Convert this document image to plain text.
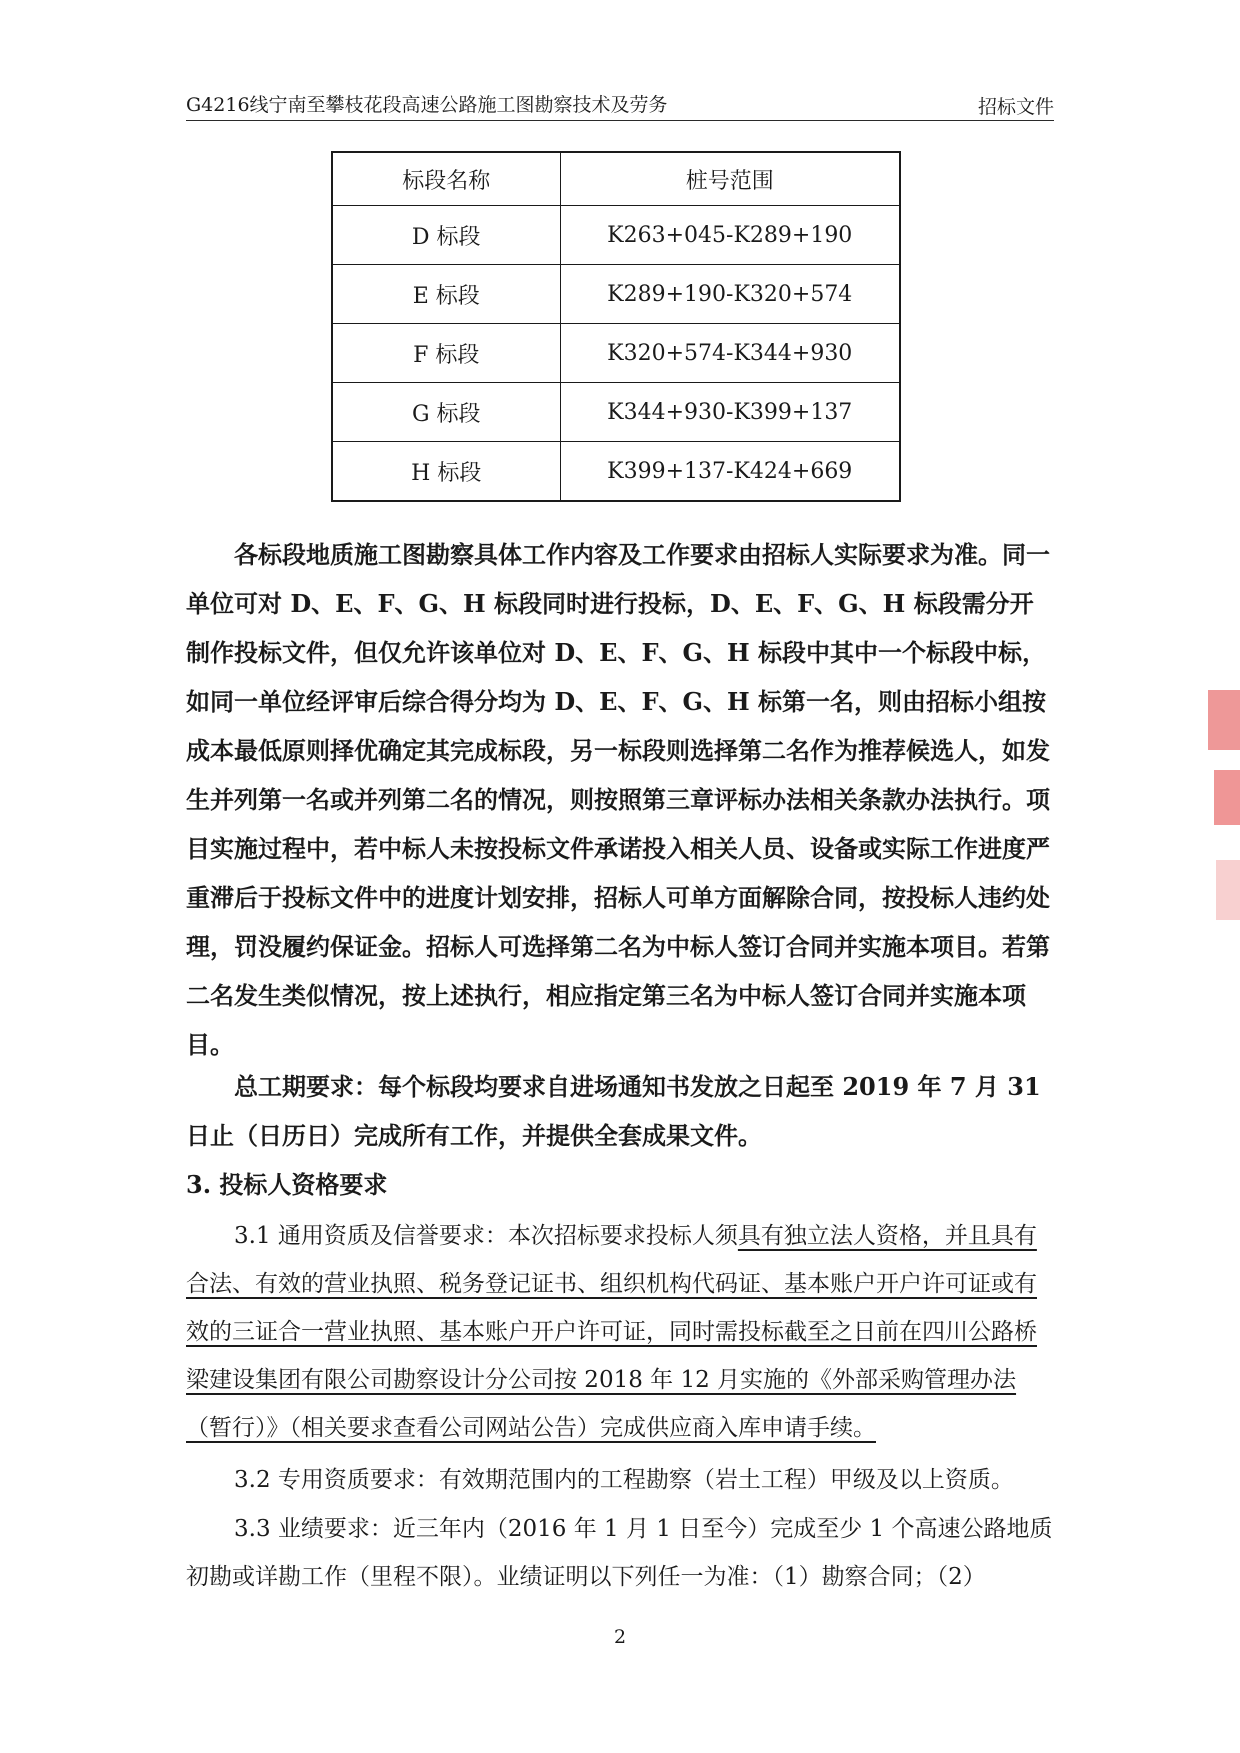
G4216线宁南至攀枝花段高速公路施工图勘察技术及劳务	招标文件
标段名称	桩号范围
D 标段	K263+045-K289+190
E 标段	K289+190-K320+574
F 标段	K320+574-K344+930
G 标段	K344+930-K399+137
H 标段	K399+137-K424+669

各标段地质施工图勘察具体工作内容及工作要求由招标人实际要求为准。同一单位可对 D、E、F、G、H 标段同时进行投标，D、E、F、G、H 标段需分开制作投标文件，但仅允许该单位对 D、E、F、G、H 标段中其中一个标段中标，如同一单位经评审后综合得分均为 D、E、F、G、H 标第一名，则由招标小组按成本最低原则择优确定其完成标段，另一标段则选择第二名作为推荐候选人，如发生并列第一名或并列第二名的情况，则按照第三章评标办法相关条款办法执行。项目实施过程中，若中标人未按投标文件承诺投入相关人员、设备或实际工作进度严重滞后于投标文件中的进度计划安排，招标人可单方面解除合同，按投标人违约处理，罚没履约保证金。招标人可选择第二名为中标人签订合同并实施本项目。若第二名发生类似情况，按上述执行，相应指定第三名为中标人签订合同并实施本项目。

总工期要求：每个标段均要求自进场通知书发放之日起至 2019 年 7 月 31 日止（日历日）完成所有工作，并提供全套成果文件。

3. 投标人资格要求

3.1 通用资质及信誉要求：本次招标要求投标人须具有独立法人资格，并且具有合法、有效的营业执照、税务登记证书、组织机构代码证、基本账户开户许可证或有效的三证合一营业执照、基本账户开户许可证，同时需投标截至之日前在四川公路桥梁建设集团有限公司勘察设计分公司按 2018 年 12 月实施的《外部采购管理办法（暂行）》（相关要求查看公司网站公告）完成供应商入库申请手续。

3.2 专用资质要求：有效期范围内的工程勘察（岩土工程）甲级及以上资质。

3.3 业绩要求：近三年内（2016 年 1 月 1 日至今）完成至少 1 个高速公路地质初勘或详勘工作（里程不限）。业绩证明以下列任一为准：（1）勘察合同；（2）

2
